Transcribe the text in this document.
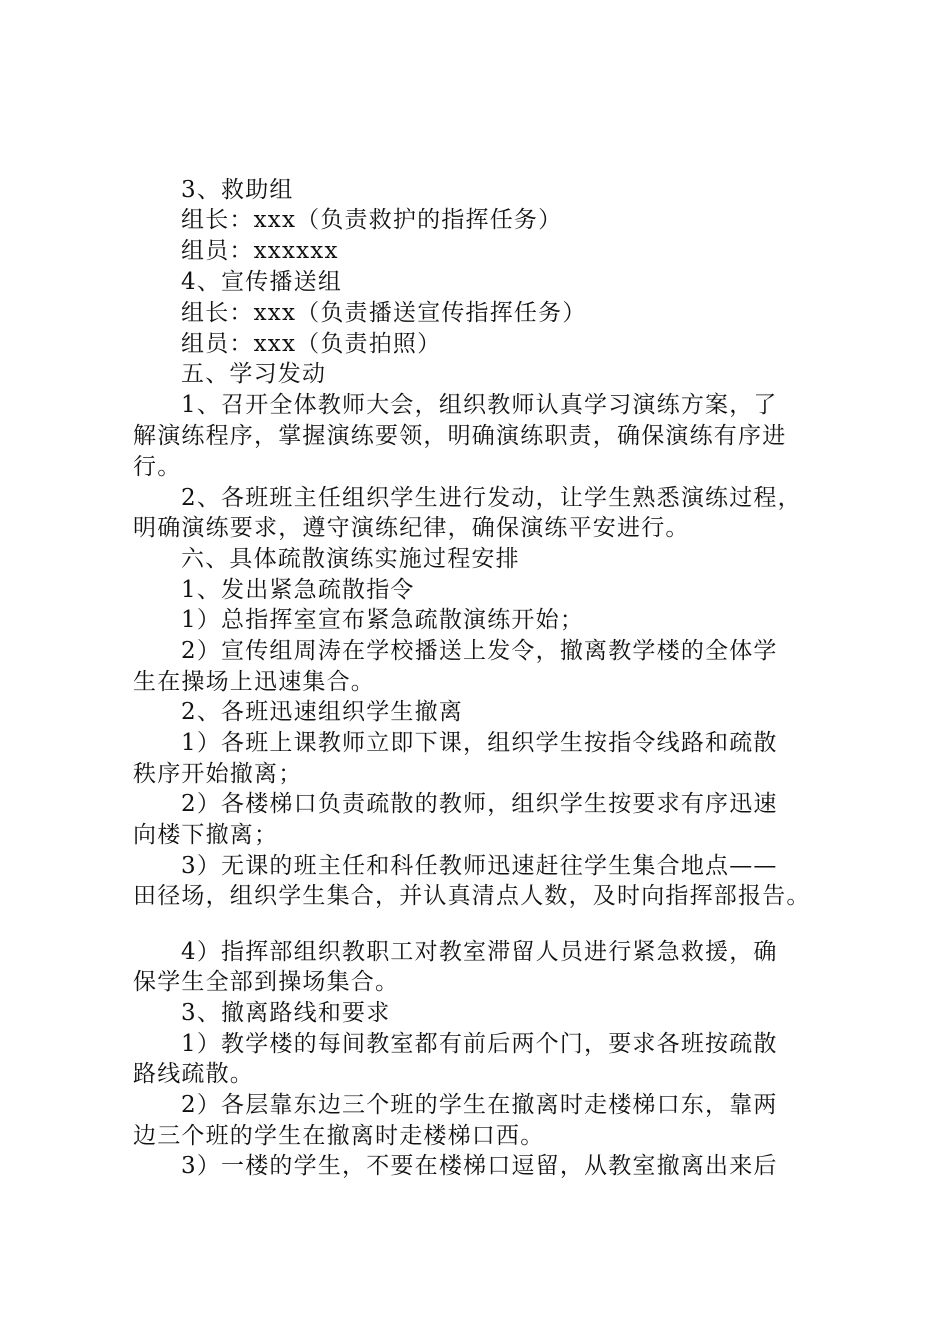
3、救助组
组长：xxx（负责救护的指挥任务）
组员：xxxxxx
4、宣传播送组
组长：xxx（负责播送宣传指挥任务）
组员：xxx（负责拍照）
五、学习发动
1、召开全体教师大会，组织教师认真学习演练方案，了
解演练程序，掌握演练要领，明确演练职责，确保演练有序进
行。
2、各班班主任组织学生进行发动，让学生熟悉演练过程，
明确演练要求，遵守演练纪律，确保演练平安进行。
六、具体疏散演练实施过程安排
1、发出紧急疏散指令
1）总指挥室宣布紧急疏散演练开始；
2）宣传组周涛在学校播送上发令，撤离教学楼的全体学
生在操场上迅速集合。
2、各班迅速组织学生撤离
1）各班上课教师立即下课，组织学生按指令线路和疏散
秩序开始撤离；
2）各楼梯口负责疏散的教师，组织学生按要求有序迅速
向楼下撤离；
3）无课的班主任和科任教师迅速赶往学生集合地点——
田径场，组织学生集合，并认真清点人数，及时向指挥部报告。
4）指挥部组织教职工对教室滞留人员进行紧急救援，确
保学生全部到操场集合。
3、撤离路线和要求
1）教学楼的每间教室都有前后两个门，要求各班按疏散
路线疏散。
2）各层靠东边三个班的学生在撤离时走楼梯口东，靠两
边三个班的学生在撤离时走楼梯口西。
3）一楼的学生，不要在楼梯口逗留，从教室撤离出来后
